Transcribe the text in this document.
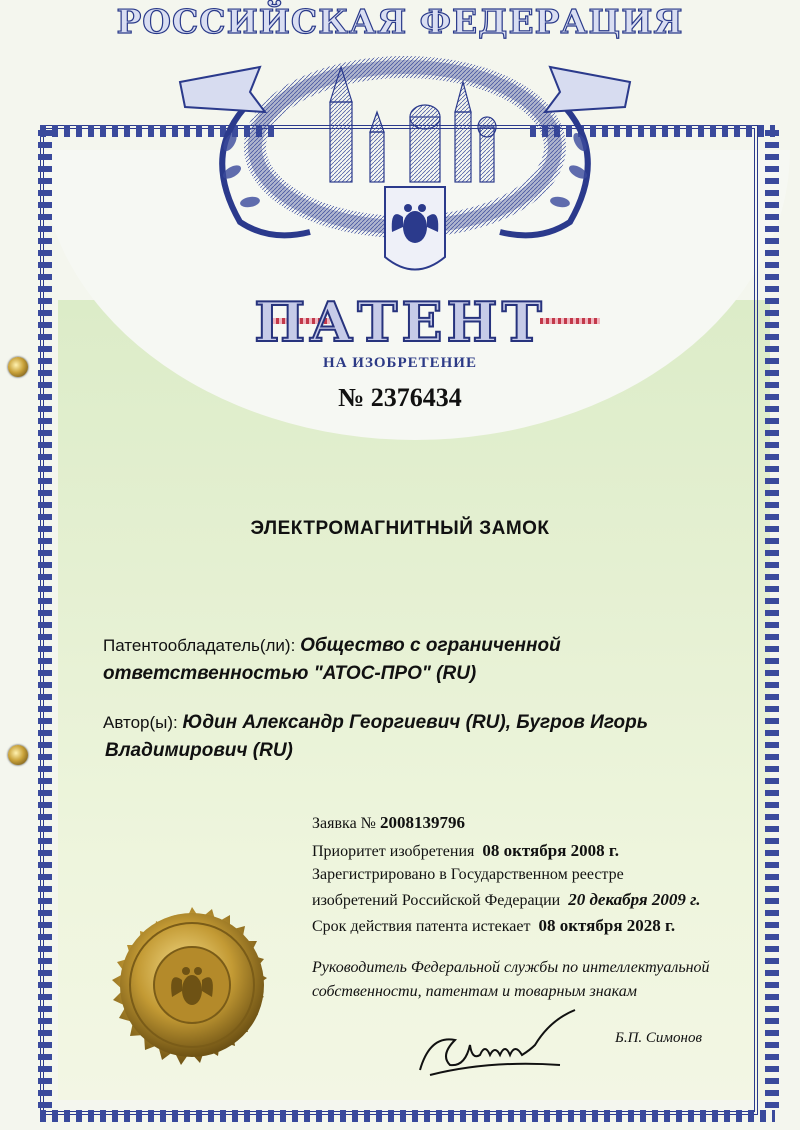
РОССИЙСКАЯ ФЕДЕРАЦИЯ
ПАТЕНТ
НА ИЗОБРЕТЕНИЕ
№ 2376434
ЭЛЕКТРОМАГНИТНЫЙ ЗАМОК
Патентообладатель(ли): Общество с ограниченной
ответственностью "АТОС-ПРО" (RU)
Автор(ы): Юдин Александр Георгиевич (RU), Бугров Игорь
Владимирович (RU)
Заявка № 2008139796
Приоритет изобретения 08 октября 2008 г.
Зарегистрировано в Государственном реестре
изобретений Российской Федерации 20 декабря 2009 г.
Срок действия патента истекает 08 октября 2028 г.
Руководитель Федеральной службы по интеллектуальной
собственности, патентам и товарным знакам
Б.П. Симонов
